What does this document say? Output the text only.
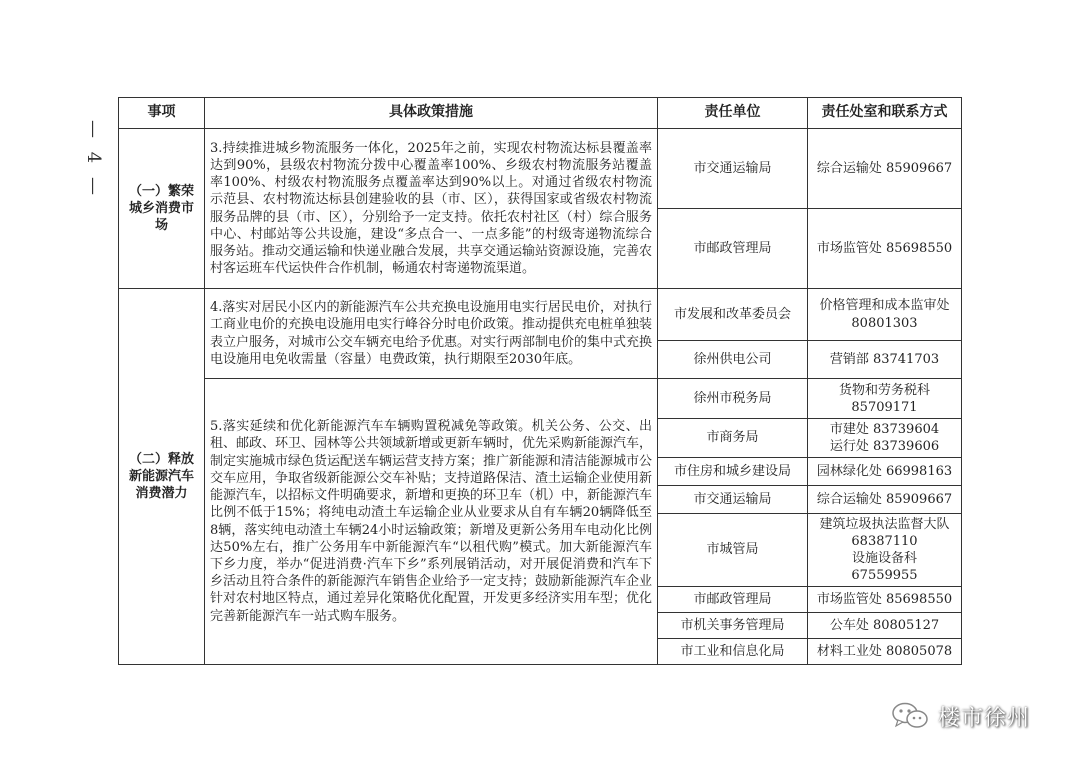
— 4 —
事项	具体政策措施	责任单位	责任处室和联系方式
（一）繁荣城乡消费市场	3.持续推进城乡物流服务一体化，2025年之前，实现农村物流达标县覆盖率达到90%，县级农村物流分拨中心覆盖率100%、乡级农村物流服务站覆盖率100%、村级农村物流服务点覆盖率达到90%以上。对通过省级农村物流示范县、农村物流达标县创建验收的县（市、区），获得国家或省级农村物流服务品牌的县（市、区），分别给予一定支持。依托农村社区（村）综合服务中心、村邮站等公共设施，建设“多点合一、一点多能”的村级寄递物流综合服务站。推动交通运输和快递业融合发展，共享交通运输站资源设施，完善农村客运班车代运快件合作机制，畅通农村寄递物流渠道。	市交通运输局	综合运输处 85909667
		市邮政管理局	市场监管处 85698550
（二）释放新能源汽车消费潜力	4.落实对居民小区内的新能源汽车公共充换电设施用电实行居民电价，对执行工商业电价的充换电设施用电实行峰谷分时电价政策。推动提供充电桩单独装表立户服务，对城市公交车辆充电给予优惠。对实行两部制电价的集中式充换电设施用电免收需量（容量）电费政策，执行期限至2030年底。	市发展和改革委员会	价格管理和成本监审处 80801303
		徐州供电公司	营销部 83741703
	5.落实延续和优化新能源汽车车辆购置税减免等政策。机关公务、公交、出租、邮政、环卫、园林等公共领域新增或更新车辆时，优先采购新能源汽车，制定实施城市绿色货运配送车辆运营支持方案；推广新能源和清洁能源城市公交车应用，争取省级新能源公交车补贴；支持道路保洁、渣土运输企业使用新能源汽车，以招标文件明确要求，新增和更换的环卫车（机）中，新能源汽车比例不低于15%；将纯电动渣土车运输企业从业要求从自有车辆20辆降低至8辆，落实纯电动渣土车辆24小时运输政策；新增及更新公务用车电动化比例达50%左右，推广公务用车中新能源汽车“以租代购”模式。加大新能源汽车下乡力度，举办“促进消费·汽车下乡”系列展销活动，对开展促消费和汽车下乡活动且符合条件的新能源汽车销售企业给予一定支持；鼓励新能源汽车企业针对农村地区特点，通过差异化策略优化配置，开发更多经济实用车型；优化完善新能源汽车一站式购车服务。	徐州市税务局	货物和劳务税科
85709171

		市商务局	市建处 83739604
运行处 83739606

		市住房和城乡建设局	园林绿化处 66998163
		市交通运输局	综合运输处 85909667
		市城管局	建筑垃圾执法监督大队 68387110
设施设备科
67559955

		市邮政管理局	市场监管处 85698550
		市机关事务管理局	公车处 80805127
		市工业和信息化局	材料工业处 80805078
楼市徐州
